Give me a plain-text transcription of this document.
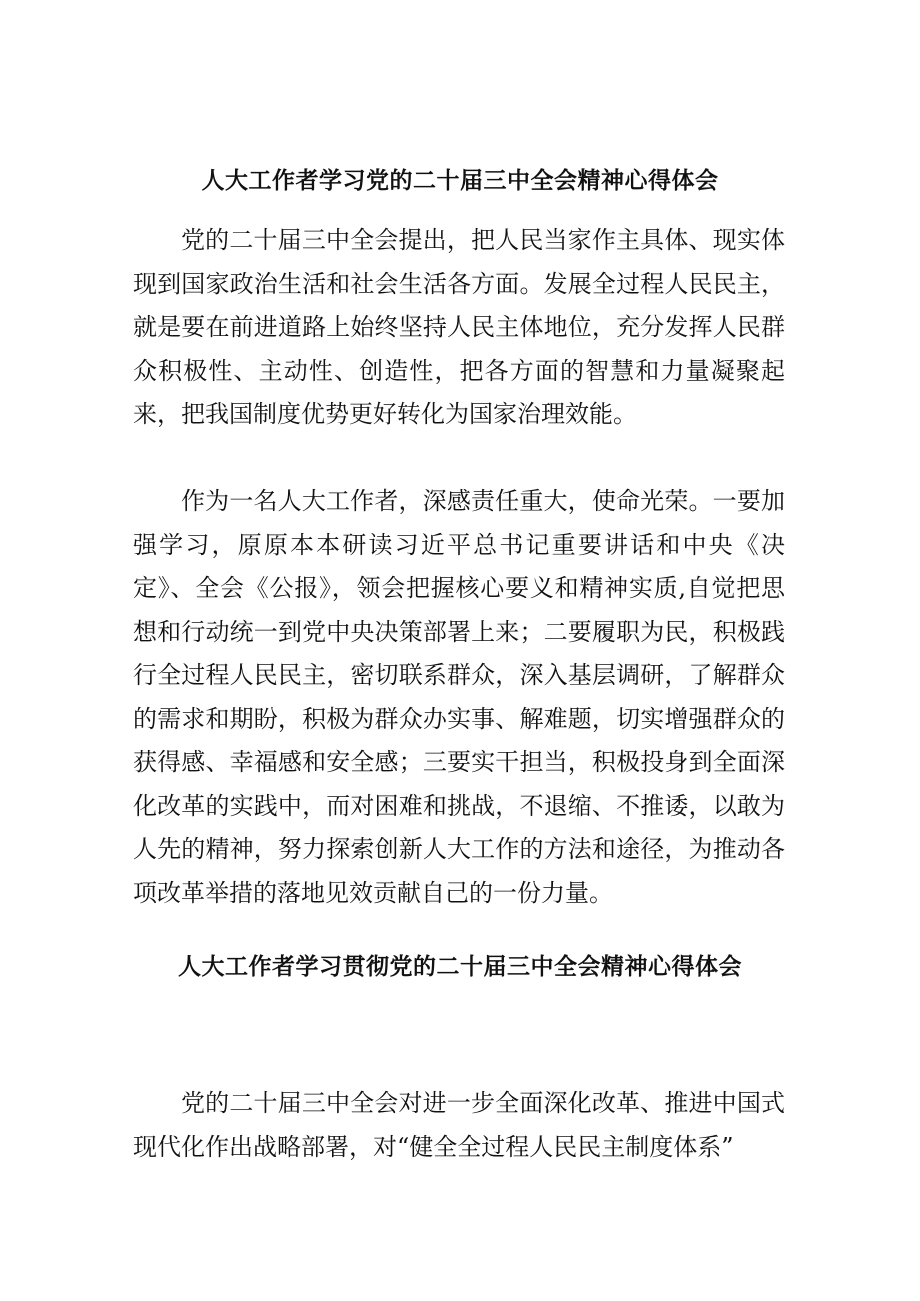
人大工作者学习党的二十届三中全会精神心得体会

党的二十届三中全会提出，把人民当家作主具体、现实体现到国家政治生活和社会生活各方面。发展全过程人民民主，就是要在前进道路上始终坚持人民主体地位，充分发挥人民群众积极性、主动性、创造性，把各方面的智慧和力量凝聚起来，把我国制度优势更好转化为国家治理效能。

作为一名人大工作者，深感责任重大，使命光荣。一要加强学习，原原本本研读习近平总书记重要讲话和中央《决定》、全会《公报》，领会把握核心要义和精神实质,自觉把思想和行动统一到党中央决策部署上来；二要履职为民，积极践行全过程人民民主，密切联系群众，深入基层调研，了解群众的需求和期盼，积极为群众办实事、解难题，切实增强群众的获得感、幸福感和安全感；三要实干担当，积极投身到全面深化改革的实践中，而对困难和挑战，不退缩、不推诿，以敢为人先的精神，努力探索创新人大工作的方法和途径，为推动各项改革举措的落地见效贡献自己的一份力量。

人大工作者学习贯彻党的二十届三中全会精神心得体会

党的二十届三中全会对进一步全面深化改革、推进中国式现代化作出战略部署，对“健全全过程人民民主制度体系”
